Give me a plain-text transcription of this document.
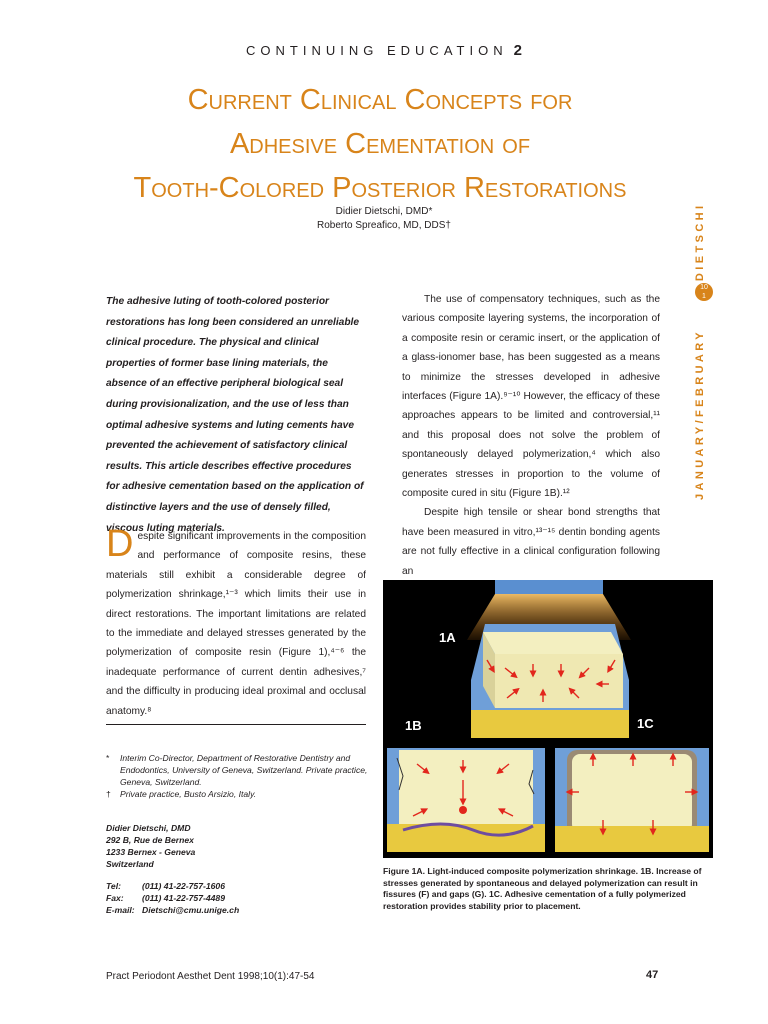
CONTINUING EDUCATION 2
Current Clinical Concepts for
Adhesive Cementation of
Tooth-Colored Posterior Restorations
Didier Dietschi, DMD*
Roberto Spreafico, MD, DDS†
JANUARY/FEBRUARYDIETSCHI
10
1
The adhesive luting of tooth-colored posterior restorations has long been considered an unreliable clinical procedure. The physical and clinical properties of former base lining materials, the absence of an effective peripheral biological seal during provisionalization, and the use of less than optimal adhesive systems and luting cements have prevented the achievement of satisfactory clinical results. This article describes effective procedures for adhesive cementation based on the application of distinctive layers and the use of densely filled, viscous luting materials.
Despite significant improvements in the composition and performance of composite resins, these materials still exhibit a considerable degree of polymerization shrinkage,¹⁻³ which limits their use in direct restorations. The important limitations are related to the immediate and delayed stresses generated by the polymerization of composite resin (Figure 1),⁴⁻⁶ the inadequate performance of current dentin adhesives,⁷ and the difficulty in producing ideal proximal and occlusal anatomy.⁸

The use of compensatory techniques, such as the various composite layering systems, the incorporation of a composite resin or ceramic insert, or the application of a glass-ionomer base, has been suggested as a means to minimize the stresses developed in adhesive interfaces (Figure 1A).⁹⁻¹⁰ However, the efficacy of these approaches appears to be limited and controversial,¹¹ and this proposal does not solve the problem of spontaneously delayed polymerization,⁴ which also generates stresses in proportion to the volume of composite cured in situ (Figure 1B).¹²

Despite high tensile or shear bond strengths that have been measured in vitro,¹³⁻¹⁵ dentin bonding agents are not fully effective in a clinical configuration following an

*	Interim Co-Director, Department of Restorative Dentistry and Endodontics, University of Geneva, Switzerland. Private practice, Geneva, Switzerland.
†	Private practice, Busto Arsizio, Italy.
Didier Dietschi, DMD
292 B, Rue de Bernex
1233 Bernex - Geneva
Switzerland
Tel:	(011) 41-22-757-1606
Fax:	(011) 41-22-757-4489
E-mail: Dietschi@cmu.unige.ch
1A
1B	1C
Figure 1A. Light-induced composite polymerization shrinkage. 1B. Increase of stresses generated by spontaneous and delayed polymerization can result in fissures (F) and gaps (G). 1C. Adhesive cementation of a fully polymerized restoration provides stability prior to placement.
Pract Periodont Aesthet Dent 1998;10(1):47-54	47
